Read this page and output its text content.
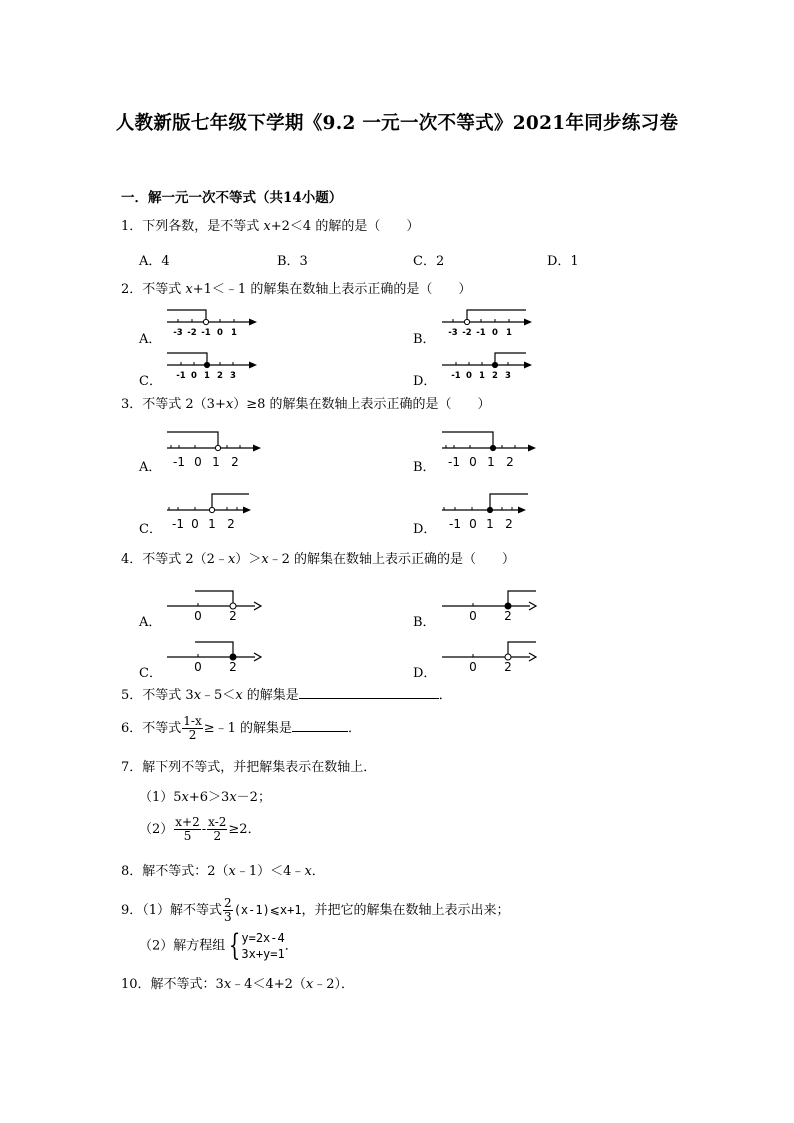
人教新版七年级下学期《9.2 一元一次不等式》2021年同步练习卷
一．解一元一次不等式（共14小题）
1．下列各数，是不等式 x+2＜4 的解的是（　　）
A．4	B．3	C．2	D．1
2．不等式 x+1＜﹣1 的解集在数轴上表示正确的是（　　）
A．	B．
C．	D．
-3 -2 -1 0 1	-3 -2 -1 0 1
-1 0 1 2 3	-1 0 1 2 3
3．不等式 2（3+x）≥8 的解集在数轴上表示正确的是（　　）
A．	B．
C．	D．
-1 0 1 2	-1 0 1 2
-1 0 1 2	-1 0 1 2
4．不等式 2（2﹣x）＞x﹣2 的解集在数轴上表示正确的是（　　）
A．	B．
C．	D．
0 2	0 2
0 2	0 2
5．不等式 3x﹣5＜x 的解集是	．
6．不等式 $\frac{1-x}{2}$ ≥﹣1 的解集是	．
7．解下列不等式，并把解集表示在数轴上．
（1）5x+6＞3x－2；
$(2) \frac{x+2}{5} - \frac{x-2}{2} \ge 2$．
8．解不等式：2（x﹣1）＜4﹣x．
9．（1）解不等式 $\frac{2}{3}$ (x-1)⩽x+1，并把它的解集在数轴上表示出来；
（2）解方程组 { y=2x-4
3x+y=1
．
10．解不等式：3x﹣4＜4+2（x﹣2）．
